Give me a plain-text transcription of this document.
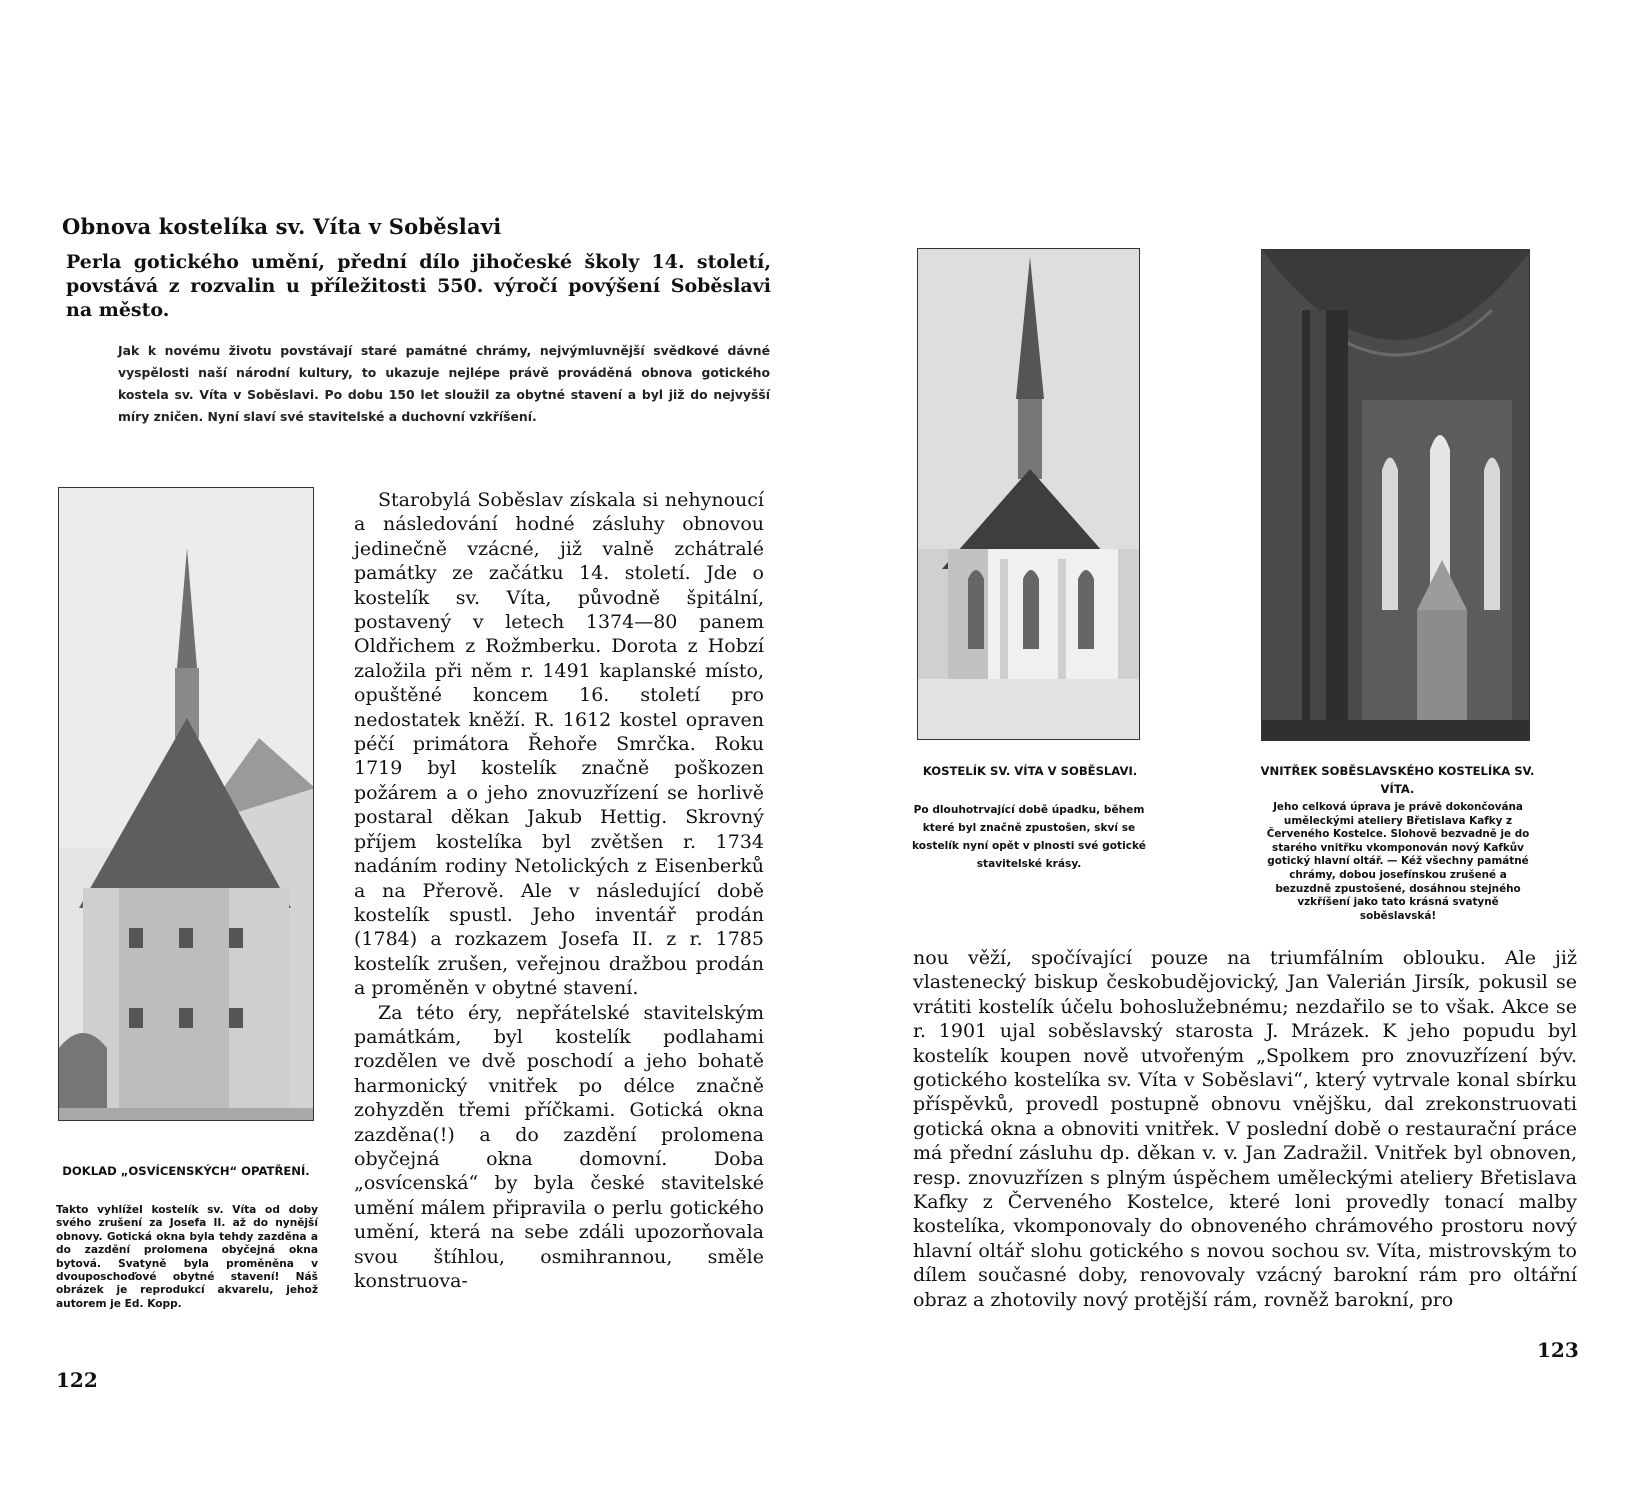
Obnova kostelíka sv. Víta v Soběslavi
Perla gotického umění, přední dílo jihočeské školy 14. století, povstává z rozvalin u příležitosti 550. výročí povýšení Soběslavi na město.
Jak k novému životu povstávají staré památné chrámy, nejvýmluvnější svědkové dávné vyspělosti naší národní kultury, to ukazuje nejlépe právě prováděná obnova gotického kostela sv. Víta v Soběslavi. Po dobu 150 let sloužil za obytné stavení a byl již do nejvyšší míry zničen. Nyní slaví své stavitelské a duchovní vzkříšení.
DOKLAD „OSVÍCENSKÝCH“ OPATŘENÍ.
Takto vyhlížel kostelík sv. Víta od doby svého zrušení za Josefa II. až do nynější obnovy. Gotická okna byla tehdy zazděna a do zazdění prolomena obyčejná okna bytová. Svatyně byla proměněna v dvouposchoďové obytné stavení! Náš obrázek je reprodukcí akvarelu, jehož autorem je Ed. Kopp.

Starobylá Soběslav získala si nehynoucí a následování hodné zásluhy obnovou jedinečně vzácné, již valně zchátralé památky ze začátku 14. století. Jde o kostelík sv. Víta, původně špitální, postavený v letech 1374—80 panem Oldřichem z Rožmberku. Dorota z Hobzí založila při něm r. 1491 kaplanské místo, opuštěné koncem 16. století pro nedostatek kněží. R. 1612 kostel opraven péčí primátora Řehoře Smrčka. Roku 1719 byl kostelík značně poškozen požárem a o jeho znovuzřízení se horlivě postaral děkan Jakub Hettig. Skrovný příjem kostelíka byl zvětšen r. 1734 nadáním rodiny Netolických z Eisenberků a na Přerově. Ale v následující době kostelík spustl. Jeho inventář prodán (1784) a rozkazem Josefa II. z r. 1785 kostelík zrušen, veřejnou dražbou prodán a proměněn v obytné stavení.

Za této éry, nepřátelské stavitelským památkám, byl kostelík podlahami rozdělen ve dvě poschodí a jeho bohatě harmonický vnitřek po délce značně zohyzděn třemi příčkami. Gotická okna zazděna(!) a do zazdění prolomena obyčejná okna domovní. Doba „osvícenská“ by byla české stavitelské umění málem připravila o perlu gotického umění, která na sebe zdáli upozorňovala svou štíhlou, osmihrannou, směle konstruova-

122
KOSTELÍK SV. VÍTA V SOBĚSLAVI.
Po dlouhotrvající době úpadku, během které byl značně zpustošen, skví se kostelík nyní opět v plnosti své gotické stavitelské krásy.
VNITŘEK SOBĚSLAVSKÉHO KOSTELÍKA SV. VÍTA.
Jeho celková úprava je právě dokončována uměleckými ateliery Břetislava Kafky z Červeného Kostelce. Slohově bezvadně je do starého vnitřku vkomponován nový Kafkův gotický hlavní oltář. — Kéž všechny památné chrámy, dobou josefínskou zrušené a bezuzdně zpustošené, dosáhnou stejného vzkříšení jako tato krásná svatyně soběslavská!
nou věží, spočívající pouze na triumfálním oblouku. Ale již vlastenecký biskup českobudějovický, Jan Valerián Jirsík, pokusil se vrátiti kostelík účelu bohoslužebnému; nezdařilo se to však. Akce se r. 1901 ujal soběslavský starosta J. Mrázek. K jeho popudu byl kostelík koupen nově utvořeným „Spolkem pro znovuzřízení býv. gotického kostelíka sv. Víta v Soběslavi“, který vytrvale konal sbírku příspěvků, provedl postupně obnovu vnějšku, dal zrekonstruovati gotická okna a obnoviti vnitřek. V poslední době o restaurační práce má přední zásluhu dp. děkan v. v. Jan Zadražil. Vnitřek byl obnoven, resp. znovuzřízen s plným úspěchem uměleckými ateliery Břetislava Kafky z Červeného Kostelce, které loni provedly tonací malby kostelíka, vkomponovaly do obnoveného chrámového prostoru nový hlavní oltář slohu gotického s novou sochou sv. Víta, mistrovským to dílem současné doby, renovovaly vzácný barokní rám pro oltářní obraz a zhotovily nový protější rám, rovněž barokní, pro
123
